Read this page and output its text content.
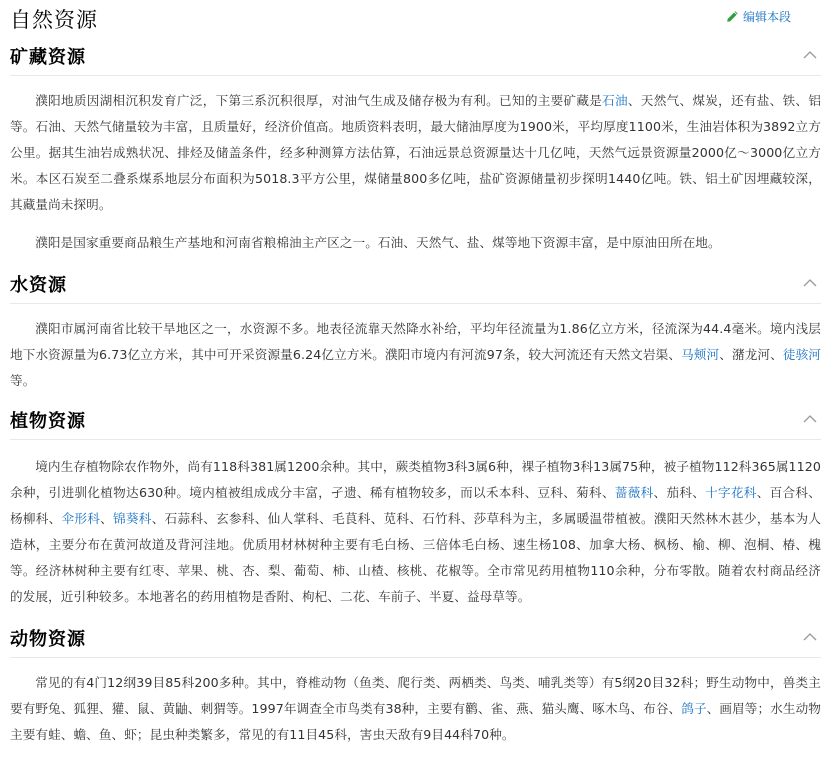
自然资源	编辑本段
矿藏资源

濮阳地质因湖相沉积发育广泛，下第三系沉积很厚，对油气生成及储存极为有利。已知的主要矿藏是石油、天然气、煤炭，还有盐、铁、铝等。石油、天然气储量较为丰富，且质量好，经济价值高。地质资料表明，最大储油厚度为1900米，平均厚度1100米，生油岩体积为3892立方公里。据其生油岩成熟状况、排烃及储盖条件，经多种测算方法估算，石油远景总资源量达十几亿吨，天然气远景资源量2000亿～3000亿立方米。本区石炭至二叠系煤系地层分布面积为5018.3平方公里，煤储量800多亿吨，盐矿资源储量初步探明1440亿吨。铁、铝土矿因埋藏较深，其藏量尚未探明。

濮阳是国家重要商品粮生产基地和河南省粮棉油主产区之一。石油、天然气、盐、煤等地下资源丰富，是中原油田所在地。

水资源

濮阳市属河南省比较干旱地区之一，水资源不多。地表径流靠天然降水补给，平均年径流量为1.86亿立方米，径流深为44.4毫米。境内浅层地下水资源量为6.73亿立方米，其中可开采资源量6.24亿立方米。濮阳市境内有河流97条，较大河流还有天然文岩渠、马颊河、潴龙河、徒骇河等。

植物资源

境内生存植物除农作物外，尚有118科381属1200余种。其中，蕨类植物3科3属6种，裸子植物3科13属75种，被子植物112科365属1120余种，引进驯化植物达630种。境内植被组成成分丰富，孑遗、稀有植物较多，而以禾本科、豆科、菊科、蔷薇科、茄科、十字花科、百合科、杨柳科、伞形科、锦葵科、石蒜科、玄参科、仙人掌科、毛茛科、苋科、石竹科、莎草科为主，多属暖温带植被。濮阳天然林木甚少，基本为人造林，主要分布在黄河故道及背河洼地。优质用材林树种主要有毛白杨、三倍体毛白杨、速生杨108、加拿大杨、枫杨、榆、柳、泡桐、椿、槐等。经济林树种主要有红枣、苹果、桃、杏、梨、葡萄、柿、山楂、核桃、花椒等。全市常见药用植物110余种，分布零散。随着农村商品经济的发展，近引种较多。本地著名的药用植物是香附、枸杞、二花、车前子、半夏、益母草等。

动物资源

常见的有4门12纲39目85科200多种。其中，脊椎动物（鱼类、爬行类、两栖类、鸟类、哺乳类等）有5纲20目32科；野生动物中，兽类主要有野兔、狐狸、獾、鼠、黄鼬、刺猬等。1997年调查全市鸟类有38种，主要有鹳、雀、燕、猫头鹰、啄木鸟、布谷、鸽子、画眉等；水生动物主要有蛙、蟾、鱼、虾；昆虫种类繁多，常见的有11目45科，害虫天敌有9目44科70种。
